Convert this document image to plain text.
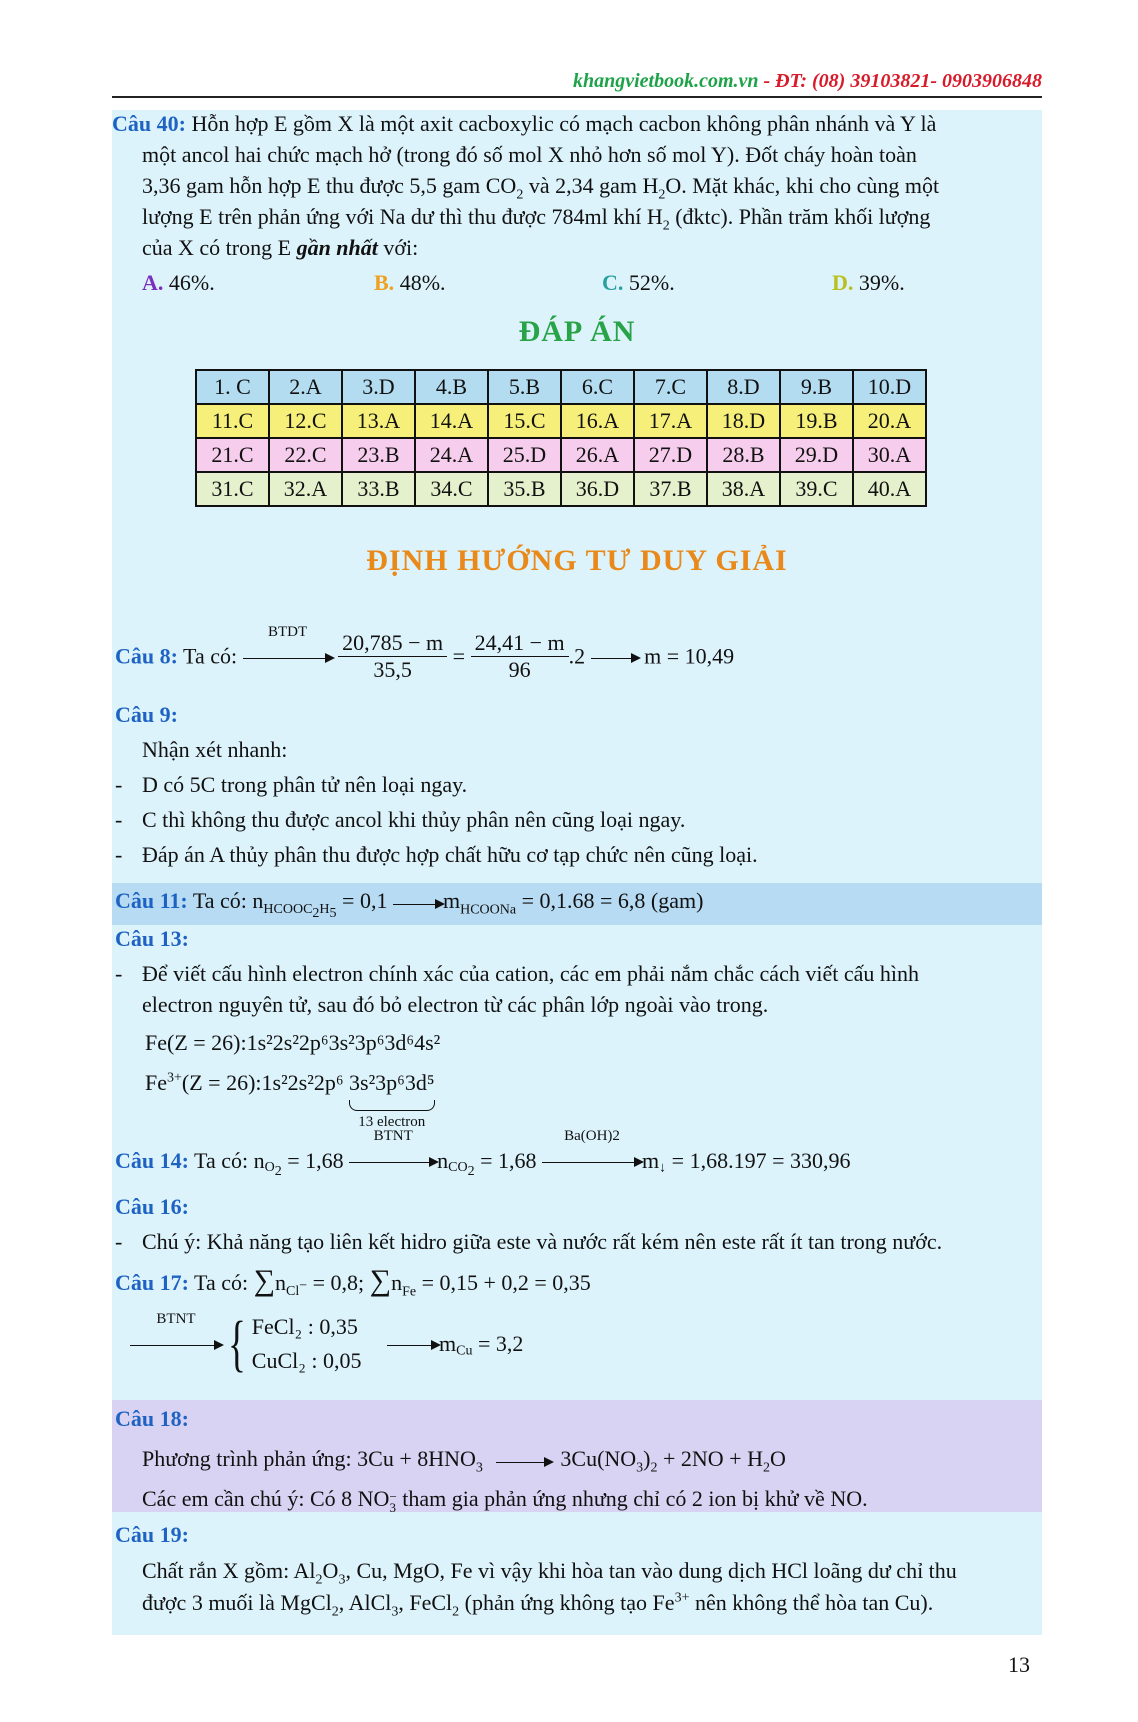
khangvietbook.com.vn - ĐT: (08) 39103821- 0903906848
Câu 40: Hỗn hợp E gồm X là một axit cacboxylic có mạch cacbon không phân nhánh và Y là
một ancol hai chức mạch hở (trong đó số mol X nhỏ hơn số mol Y). Đốt cháy hoàn toàn
3,36 gam hỗn hợp E thu được 5,5 gam $CO_2$ và 2,34 gam $H_2O$. Mặt khác, khi cho cùng một
lượng E trên phản ứng với Na dư thì thu được 784ml khí $H_2$ (đktc). Phần trăm khối lượng
của X có trong E gần nhất với:
A. 46%.	B. 48%.	C. 52%.	D. 39%.
ĐÁP ÁN
1. C	2.A	3.D	4.B	5.B	6.C	7.C	8.D	9.B	10.D
11.C	12.C	13.A	14.A	15.C	16.A	17.A	18.D	19.B	20.A
21.C	22.C	23.B	24.A	25.D	26.A	27.D	28.B	29.D	30.A
31.C	32.A	33.B	34.C	35.B	36.D	37.B	38.A	39.C	40.A
ĐỊNH HƯỚNG TƯ DUY GIẢI
Câu 8: Ta có:
BTDT
	$\frac{20,785 - m}{35,5} = \frac{24,41 - m}{96} .2$	m = 10,49
Câu 9:
Nhận xét nhanh:
- D có 5C trong phân tử nên loại ngay.
- C thì không thu được ancol khi thủy phân nên cũng loại ngay.
- Đáp án A thủy phân thu được hợp chất hữu cơ tạp chức nên cũng loại.
Câu 11: Ta có: $n_{HCOOC_2H_5} = 0,1$	$m_{HCOONa} = 0,1.68 = 6,8$ (gam)
Câu 13:
- Để viết cấu hình electron chính xác của cation, các em phải nắm chắc cách viết cấu hình
electron nguyên tử, sau đó bỏ electron từ các phân lớp ngoài vào trong.
Fe(Z = 26):1s²2s²2p⁶3s²3p⁶3d⁶4s²
$Fe^{3+}(Z$ = 26):1s²2s²2p⁶ 3s²3p⁶3d⁵
13 electron
Câu 14: Ta có: $n_{O_2} = 1,68$
BTNT
$n_{CO_2} = 1,68$
Ba(OH)2
$m_↓ = 1,68.197 = 330,96$
Câu 16:
- Chú ý: Khả năng tạo liên kết hidro giữa este và nước rất kém nên este rất ít tan trong nước.
Câu 17: Ta có: $\sum n_{Cl^-} = 0,8$; $\sum n_{Fe} = 0,15 + 0,2 = 0,35$
BTNT { FeCl₂ : 0,35
CuCl₂ : 0,05
$m_{Cu} = 3,2$
Câu 18:
Phương trình phản ứng: $3Cu + 8HNO_3$	$3Cu(NO_3)_2 + 2NO + H_2O$
Các em cần chú ý: Có 8 NO −
3 tham gia phản ứng nhưng chỉ có 2 ion bị khử về NO.
Câu 19:
Chất rắn X gồm: $Al_2O_3$, Cu, MgO, Fe vì vậy khi hòa tan vào dung dịch HCl loãng dư chỉ thu
được 3 muối là MgCl$_2$, AlCl$_3$, FeCl$_2$ (phản ứng không tạo $Fe^{3+}$ nên không thể hòa tan Cu).
13
